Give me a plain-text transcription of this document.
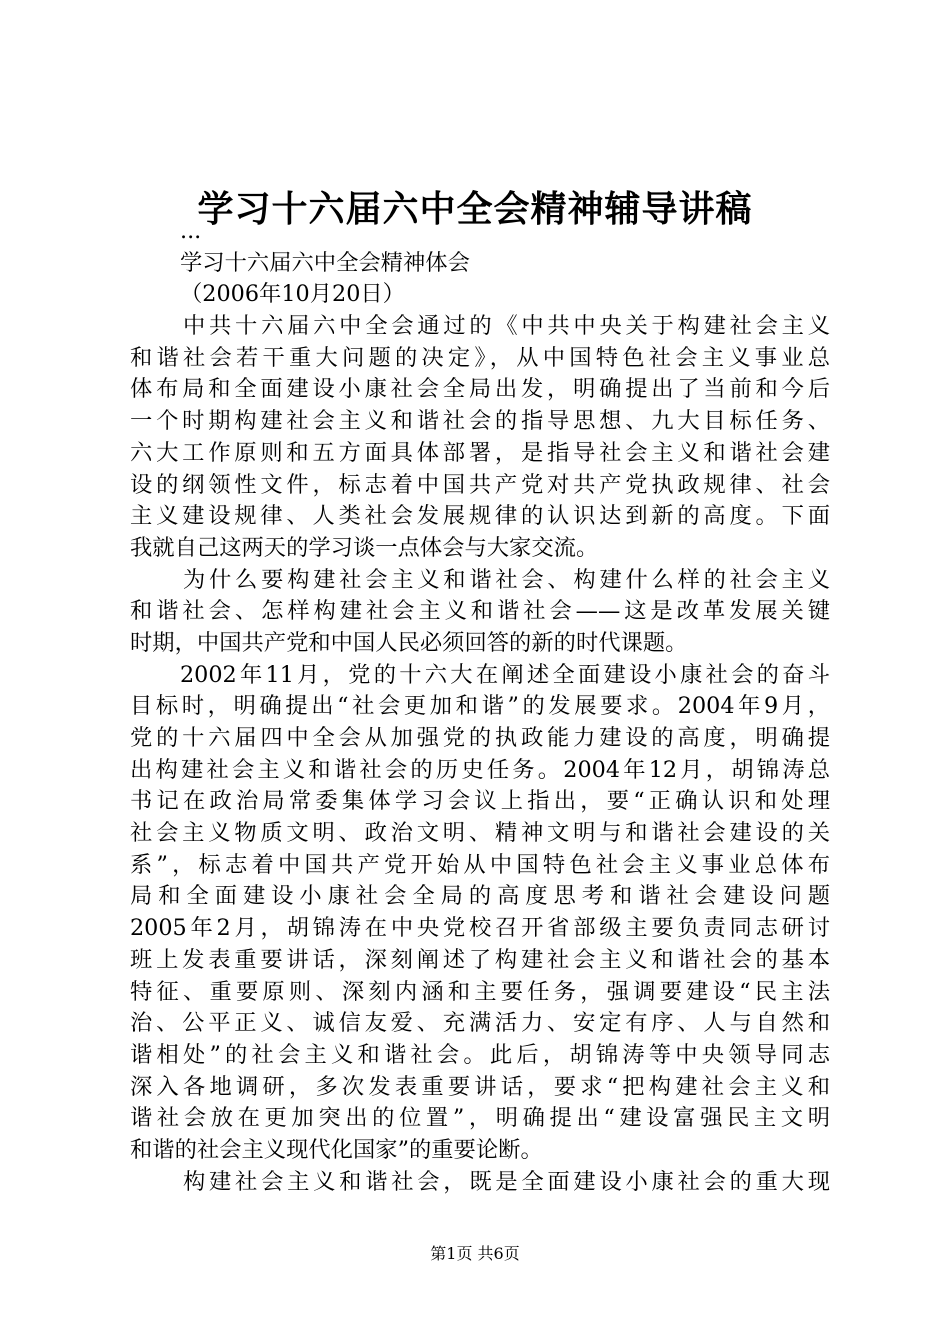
学习十六届六中全会精神辅导讲稿
...
学习十六届六中全会精神体会
（2006年10月20日）
中共十六届六中全会通过的《中共中央关于构建社会主义
和谐社会若干重大问题的决定》，从中国特色社会主义事业总
体布局和全面建设小康社会全局出发，明确提出了当前和今后
一个时期构建社会主义和谐社会的指导思想、九大目标任务、
六大工作原则和五方面具体部署，是指导社会主义和谐社会建
设的纲领性文件，标志着中国共产党对共产党执政规律、社会
主义建设规律、人类社会发展规律的认识达到新的高度。下面
我就自己这两天的学习谈一点体会与大家交流。
为什么要构建社会主义和谐社会、构建什么样的社会主义
和谐社会、怎样构建社会主义和谐社会——这是改革发展关键
时期，中国共产党和中国人民必须回答的新的时代课题。
2002年11月，党的十六大在阐述全面建设小康社会的奋斗
目标时，明确提出“社会更加和谐”的发展要求。2004年9月，
党的十六届四中全会从加强党的执政能力建设的高度，明确提
出构建社会主义和谐社会的历史任务。2004年12月，胡锦涛总
书记在政治局常委集体学习会议上指出，要“正确认识和处理
社会主义物质文明、政治文明、精神文明与和谐社会建设的关
系”，标志着中国共产党开始从中国特色社会主义事业总体布
局和全面建设小康社会全局的高度思考和谐社会建设问题
2005年2月，胡锦涛在中央党校召开省部级主要负责同志研讨
班上发表重要讲话，深刻阐述了构建社会主义和谐社会的基本
特征、重要原则、深刻内涵和主要任务，强调要建设“民主法
治、公平正义、诚信友爱、充满活力、安定有序、人与自然和
谐相处”的社会主义和谐社会。此后，胡锦涛等中央领导同志
深入各地调研，多次发表重要讲话，要求“把构建社会主义和
谐社会放在更加突出的位置”，明确提出“建设富强民主文明
和谐的社会主义现代化国家”的重要论断。
构建社会主义和谐社会，既是全面建设小康社会的重大现
第1页 共6页
